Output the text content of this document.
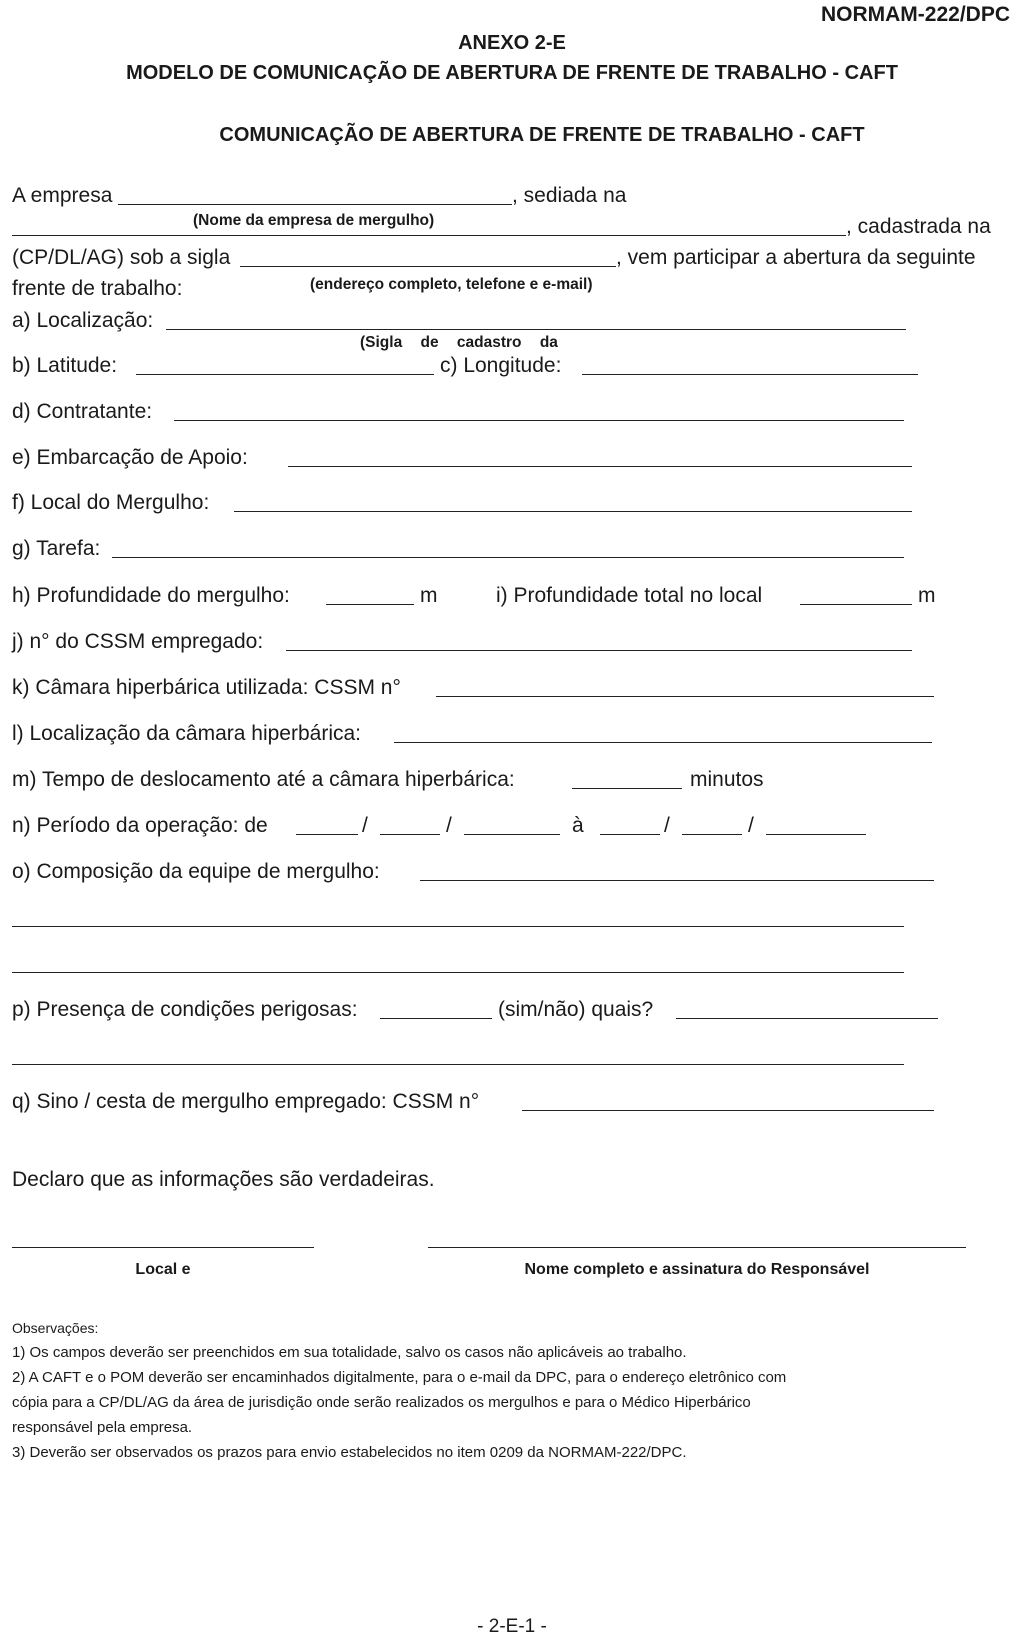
NORMAM-222/DPC
ANEXO 2-E
MODELO DE COMUNICAÇÃO DE ABERTURA DE FRENTE DE TRABALHO - CAFT
COMUNICAÇÃO DE ABERTURA DE FRENTE DE TRABALHO - CAFT
A empresa	, sediada na
(Nome da empresa de mergulho)	, cadastrada na
(CP/DL/AG) sob a sigla	, vem participar a abertura da seguinte
frente de trabalho:	(endereço completo, telefone e e-mail)
a) Localização:
(Sigla de cadastro da
b) Latitude:	c) Longitude:
d) Contratante:
e) Embarcação de Apoio:
f) Local do Mergulho:
g) Tarefa:
h) Profundidade do mergulho:	m	i) Profundidade total no local	m
j) n° do CSSM empregado:
k) Câmara hiperbárica utilizada: CSSM n°
l) Localização da câmara hiperbárica:
m) Tempo de deslocamento até a câmara hiperbárica:	minutos
n) Período da operação: de	/	/	à	/	/
o) Composição da equipe de mergulho:
p) Presença de condições perigosas:	(sim/não) quais?
q) Sino / cesta de mergulho empregado: CSSM n°
Declaro que as informações são verdadeiras.
Local e	Nome completo e assinatura do Responsável
Observações:
1) Os campos deverão ser preenchidos em sua totalidade, salvo os casos não aplicáveis ao trabalho.
2) A CAFT e o POM deverão ser encaminhados digitalmente, para o e-mail da DPC, para o endereço eletrônico com
cópia para a CP/DL/AG da área de jurisdição onde serão realizados os mergulhos e para o Médico Hiperbárico
responsável pela empresa.
3) Deverão ser observados os prazos para envio estabelecidos no item 0209 da NORMAM-222/DPC.
- 2-E-1 -
